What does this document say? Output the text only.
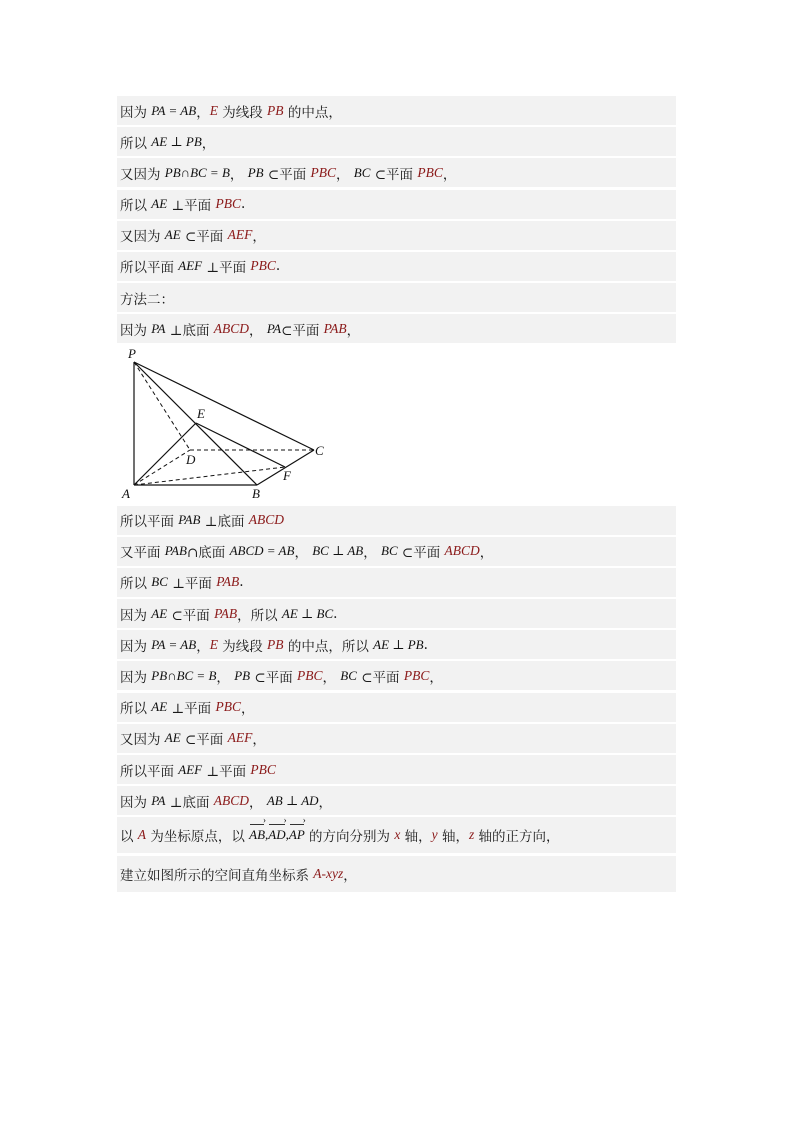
因为 PA = AB ， E 为线段 PB 的中点，
所以 AE ⊥ PB ，
又因为 PB∩BC = B ， PB ⊂平面 PBC ， BC ⊂平面 PBC ，
所以 AE ⊥平面 PBC .
又因为 AE ⊂平面 AEF ，
所以平面 AEF ⊥平面 PBC .
方法二：
因为 PA ⊥底面 ABCD ， PA ⊂平面 PAB ，
P
E
D
C
A	B
F
所以平面 PAB ⊥底面 ABCD
又平面 PAB ∩底面 ABCD = AB ， BC ⊥ AB ， BC ⊂平面 ABCD ，
所以 BC ⊥平面 PAB .
因为 AE ⊂平面 PAB ，所以 AE ⊥ BC .
因为 PA = AB ， E 为线段 PB 的中点，所以 AE ⊥ PB .
因为 PB∩BC = B ， PB ⊂平面 PBC ， BC ⊂平面 PBC ，
所以 AE ⊥平面 PBC ，
又因为 AE ⊂平面 AEF ，
所以平面 AEF ⊥平面 PBC
因为 PA ⊥底面 ABCD ， AB ⊥ AD ，
以 A 为坐标原点，以 AB › , AD › , AP › 的方向分别为 x 轴， y 轴， z 轴的正方向，
建立如图所示的空间直角坐标系 A-xyz ，
